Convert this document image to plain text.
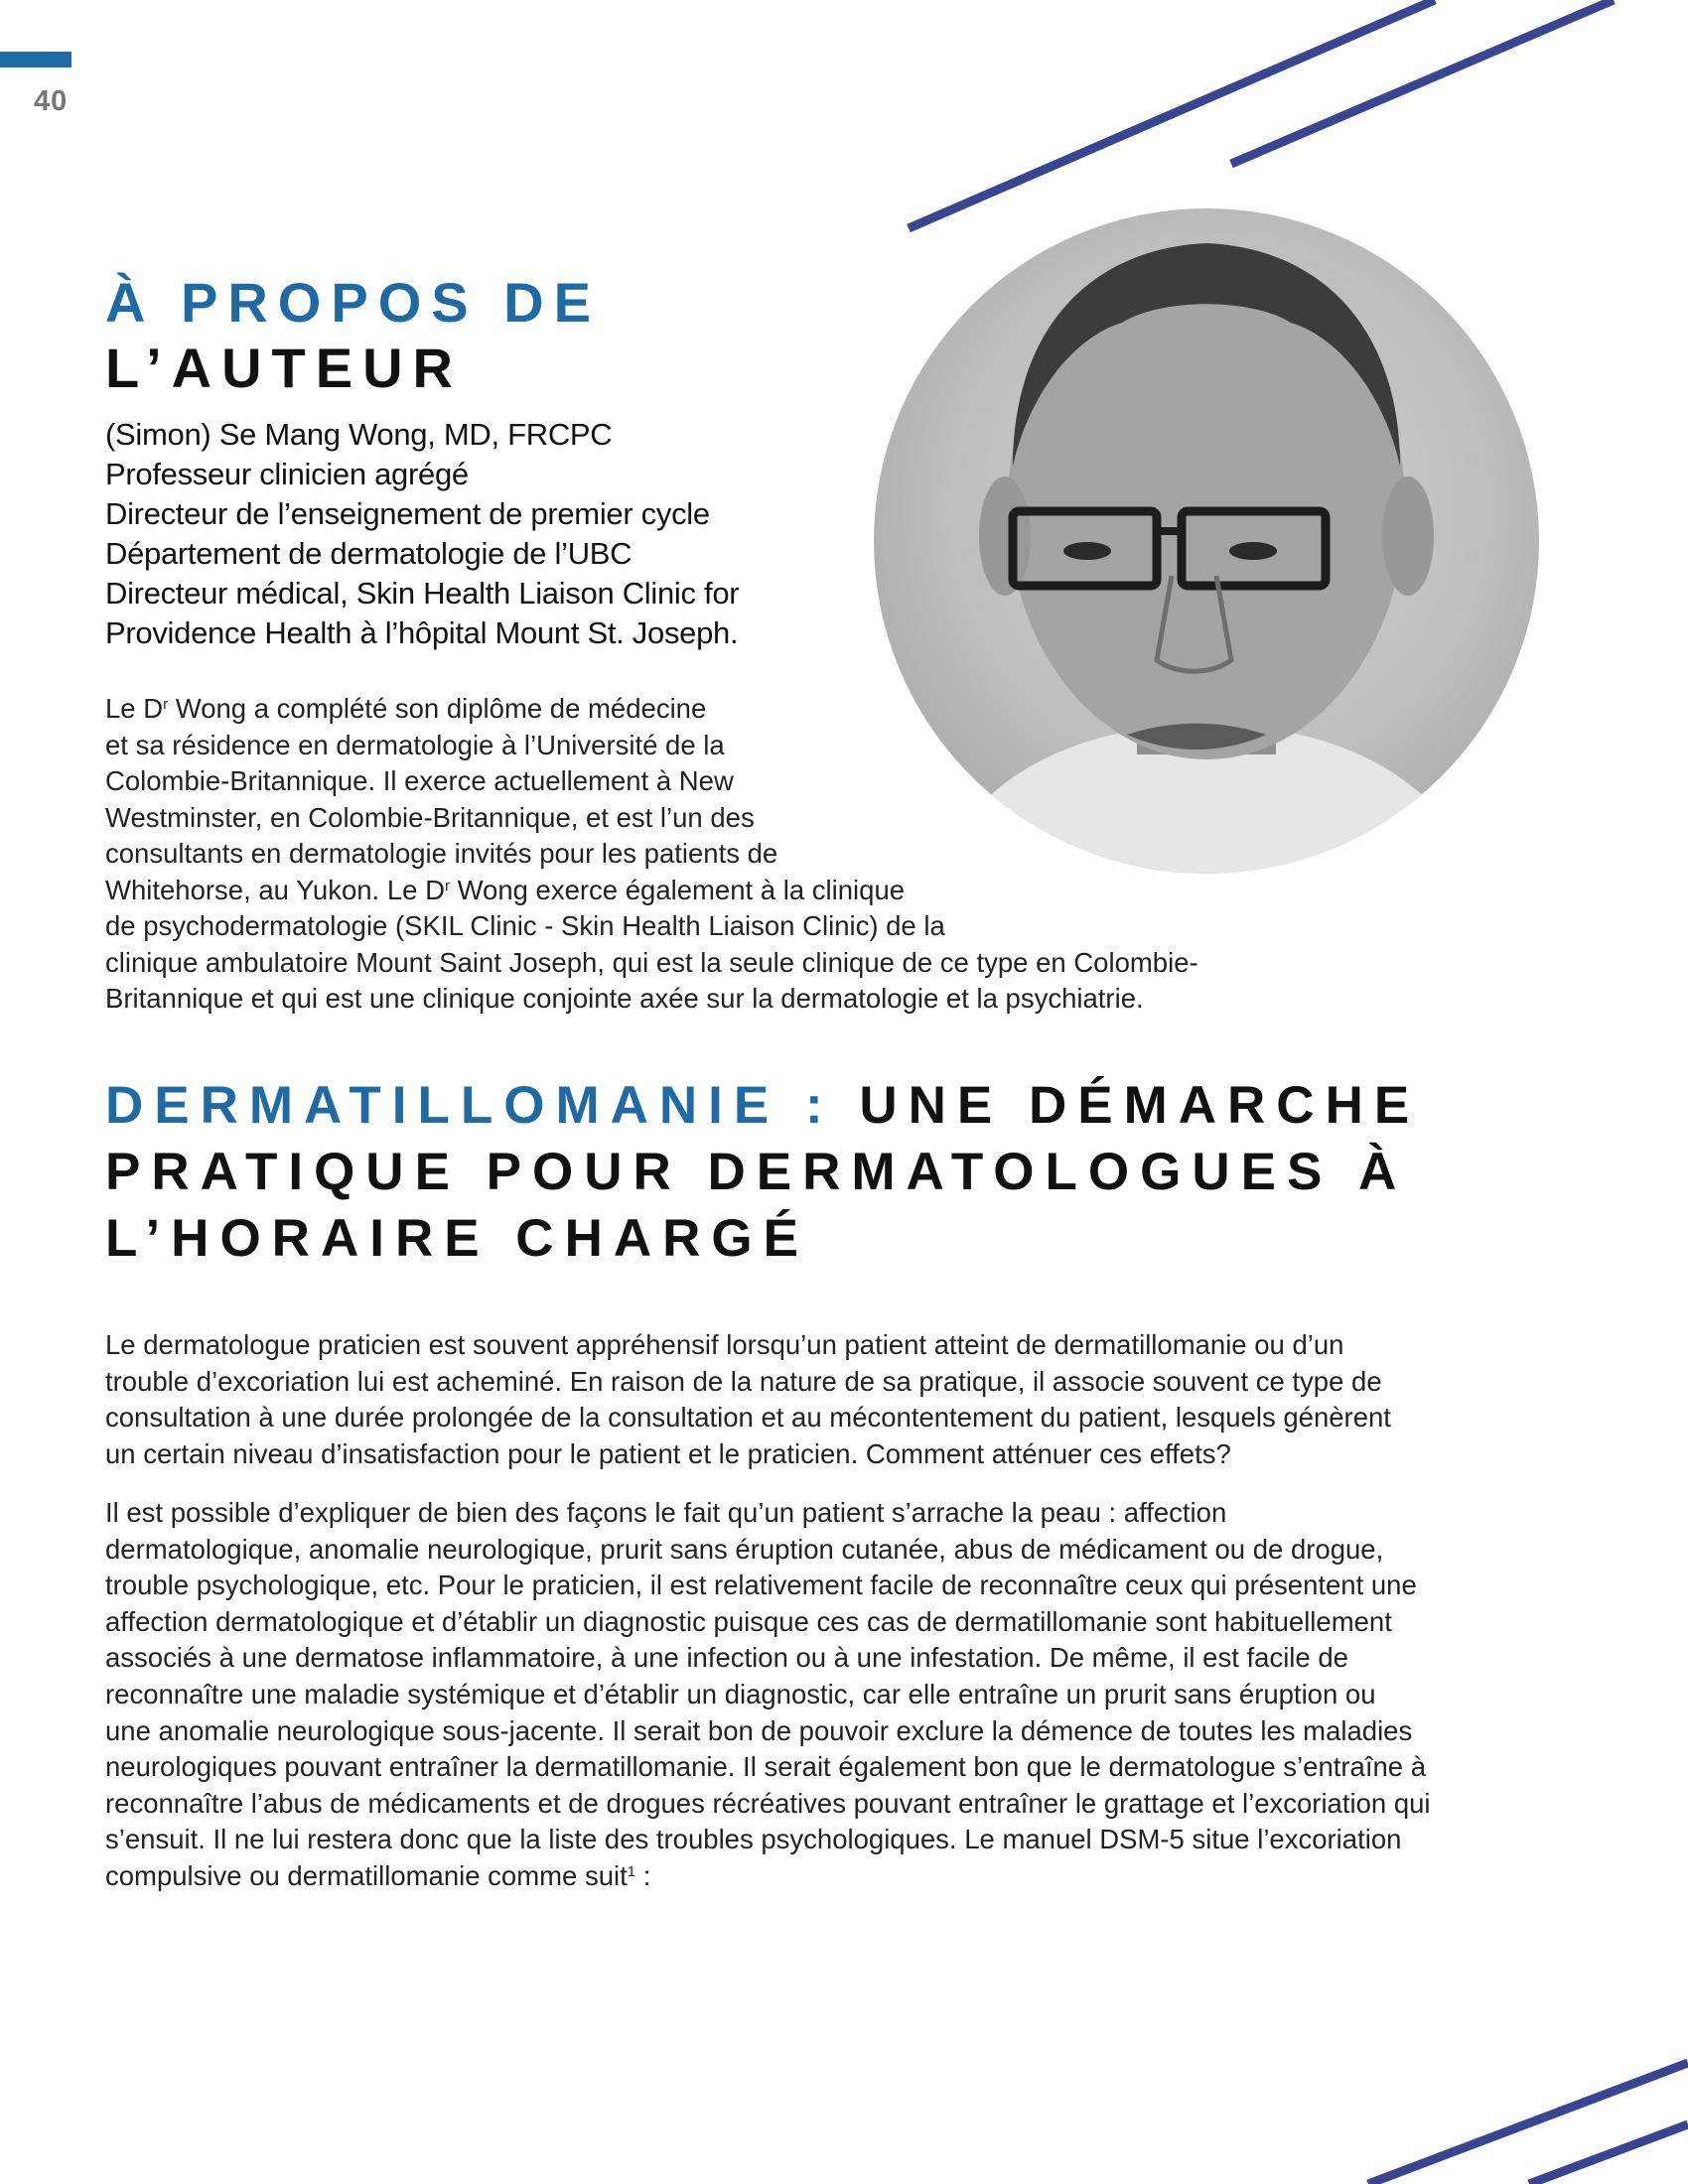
40
À PROPOS DE
L’AUTEUR
(Simon) Se Mang Wong, MD, FRCPC
Professeur clinicien agrégé
Directeur de l’enseignement de premier cycle
Département de dermatologie de l’UBC
Directeur médical, Skin Health Liaison Clinic for
Providence Health à l’hôpital Mount St. Joseph.
Le $D^r$ Wong a complété son diplôme de médecine
et sa résidence en dermatologie à l’Université de la
Colombie-Britannique. Il exerce actuellement à New
Westminster, en Colombie-Britannique, et est l’un des
consultants en dermatologie invités pour les patients de
Whitehorse, au Yukon. Le $D^r$ Wong exerce également à la clinique
de psychodermatologie (SKIL Clinic - Skin Health Liaison Clinic) de la
clinique ambulatoire Mount Saint Joseph, qui est la seule clinique de ce type en Colombie-
Britannique et qui est une clinique conjointe axée sur la dermatologie et la psychiatrie.
DERMATILLOMANIE : UNE DÉMARCHE
PRATIQUE POUR DERMATOLOGUES À
L’HORAIRE CHARGÉ
Le dermatologue praticien est souvent appréhensif lorsqu’un patient atteint de dermatillomanie ou d’un
trouble d’excoriation lui est acheminé. En raison de la nature de sa pratique, il associe souvent ce type de
consultation à une durée prolongée de la consultation et au mécontentement du patient, lesquels génèrent
un certain niveau d’insatisfaction pour le patient et le praticien. Comment atténuer ces effets?
Il est possible d’expliquer de bien des façons le fait qu’un patient s’arrache la peau : affection
dermatologique, anomalie neurologique, prurit sans éruption cutanée, abus de médicament ou de drogue,
trouble psychologique, etc. Pour le praticien, il est relativement facile de reconnaître ceux qui présentent une
affection dermatologique et d’établir un diagnostic puisque ces cas de dermatillomanie sont habituellement
associés à une dermatose inflammatoire, à une infection ou à une infestation. De même, il est facile de
reconnaître une maladie systémique et d’établir un diagnostic, car elle entraîne un prurit sans éruption ou
une anomalie neurologique sous-jacente. Il serait bon de pouvoir exclure la démence de toutes les maladies
neurologiques pouvant entraîner la dermatillomanie. Il serait également bon que le dermatologue s’entraîne à
reconnaître l’abus de médicaments et de drogues récréatives pouvant entraîner le grattage et l’excoriation qui
s’ensuit. Il ne lui restera donc que la liste des troubles psychologiques. Le manuel DSM-5 situe l’excoriation
compulsive ou dermatillomanie comme suit$^1$ :
